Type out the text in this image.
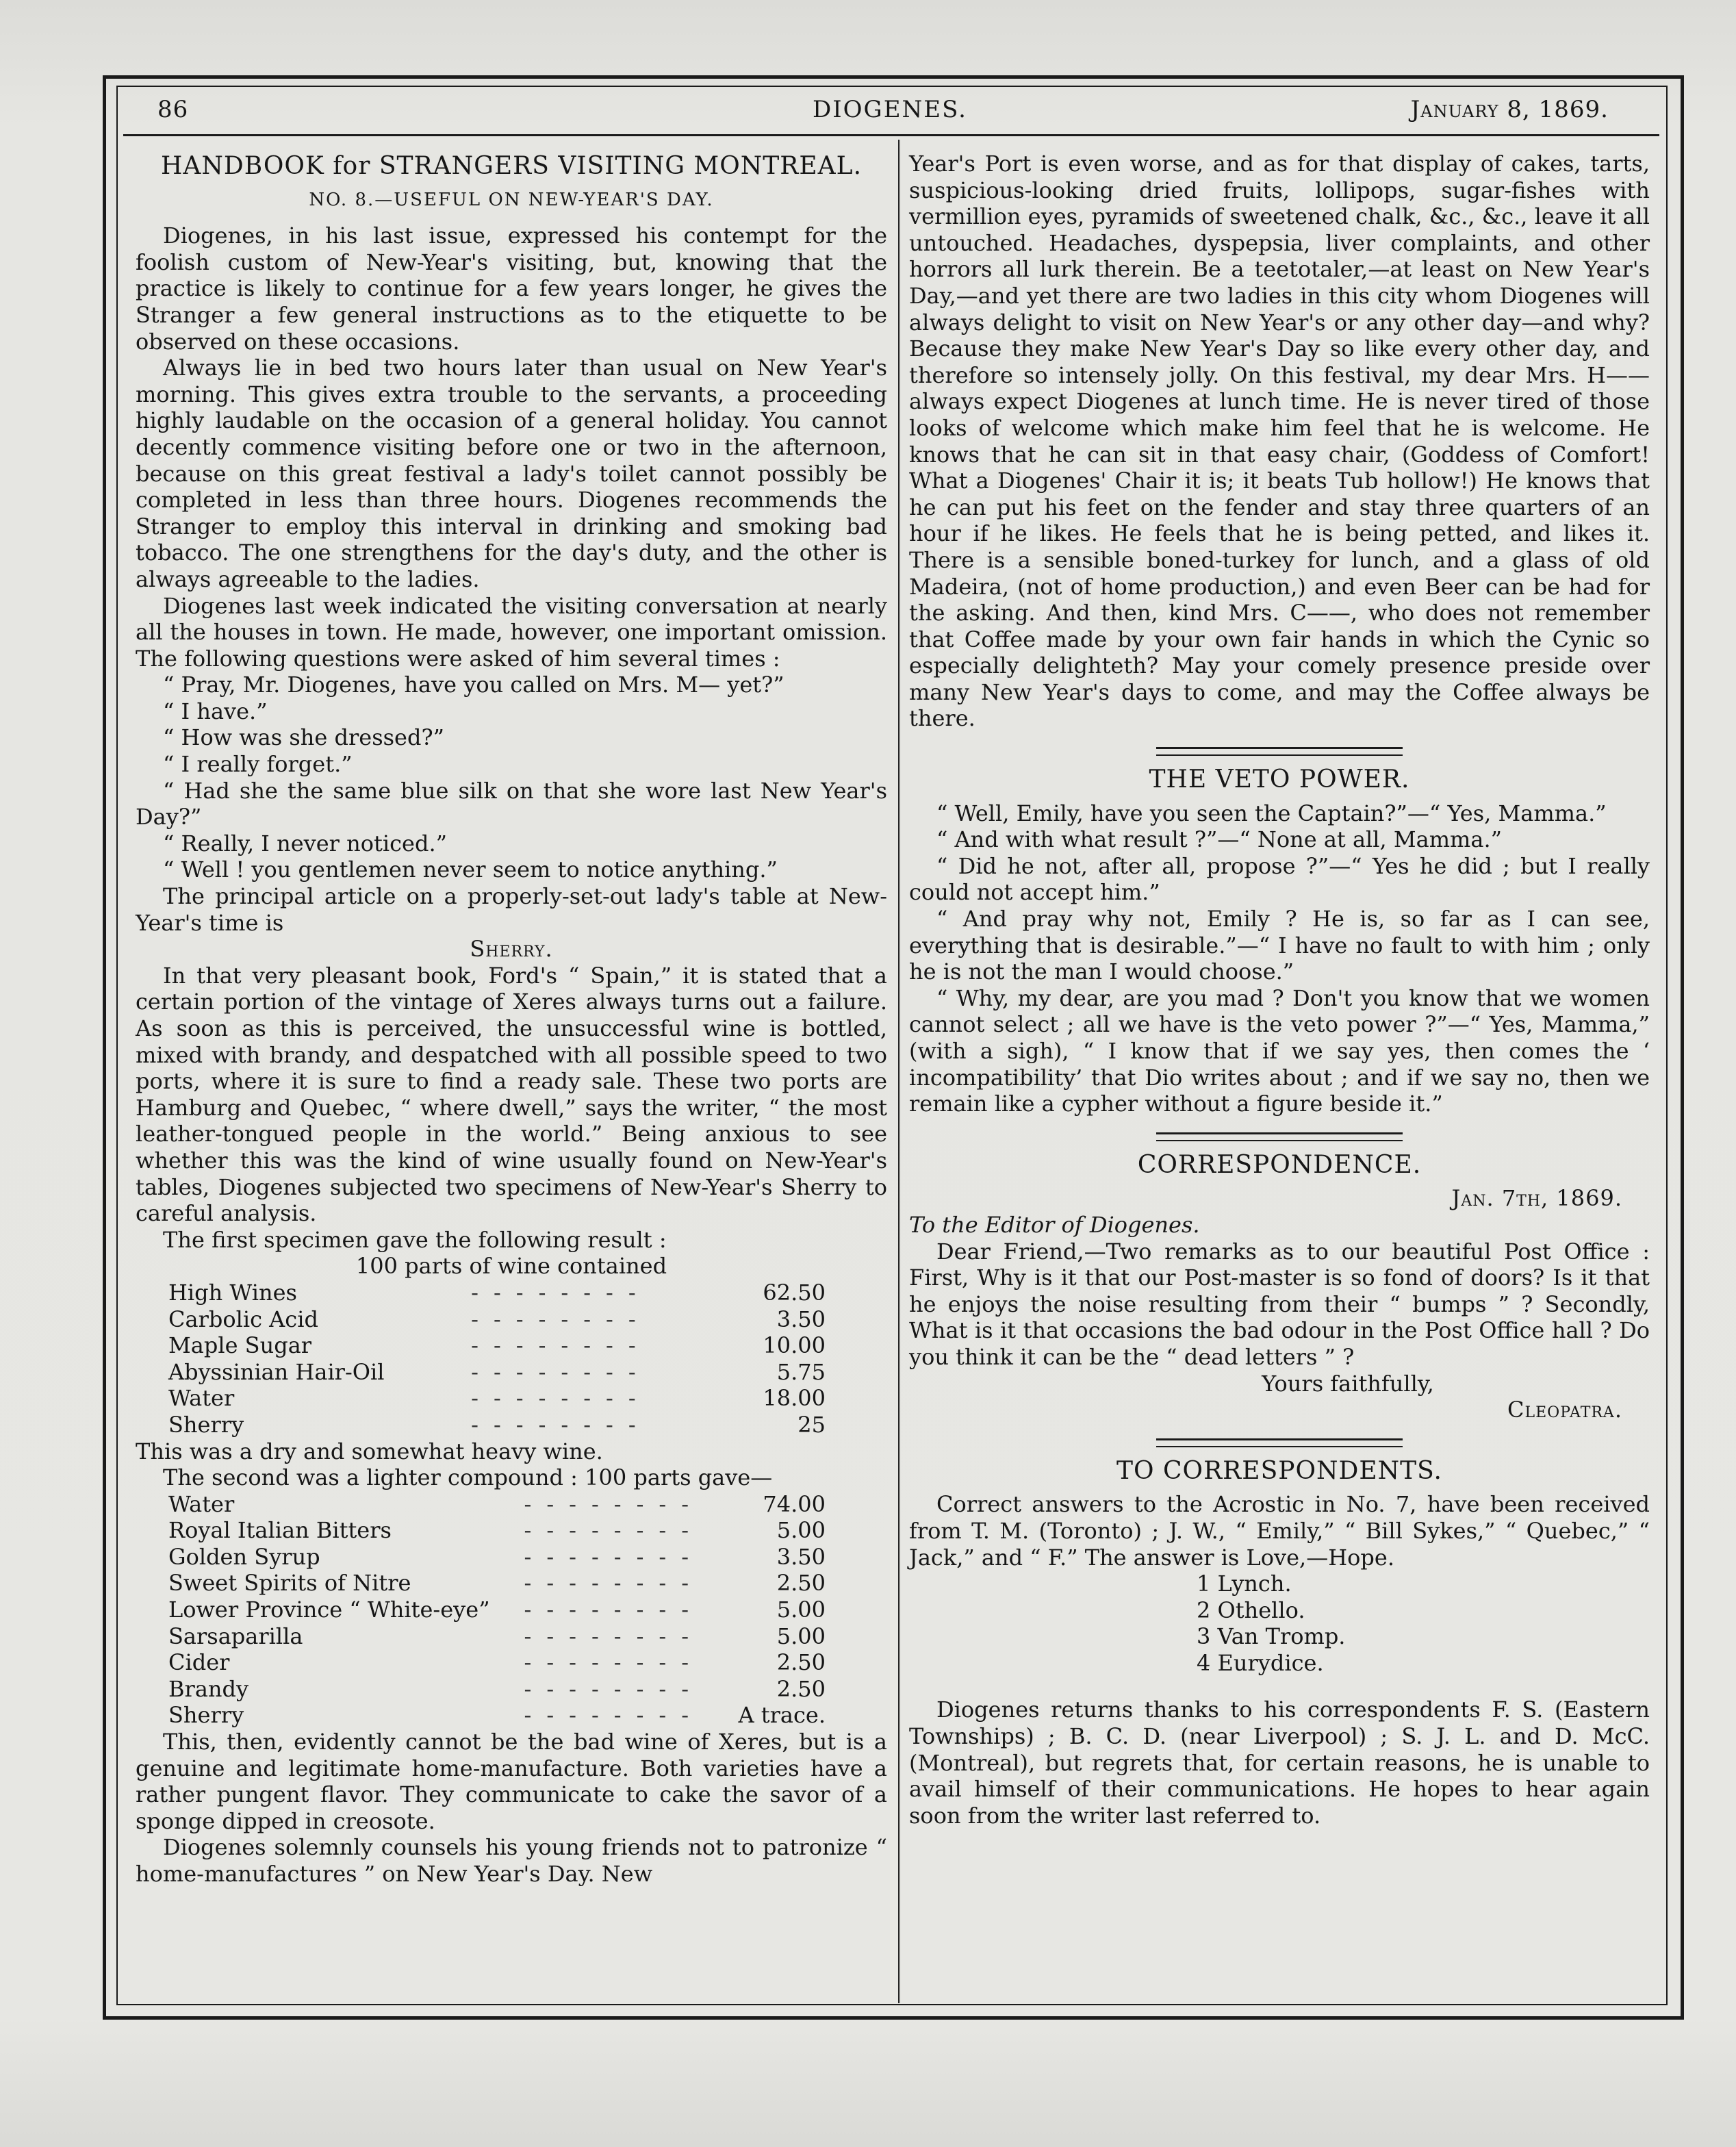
86	DIOGENES.	January 8, 1869.
HANDBOOK for STRANGERS VISITING MONTREAL.
NO. 8.—USEFUL ON NEW-YEAR'S DAY.

Diogenes, in his last issue, expressed his contempt for the foolish custom of New-Year's visiting, but, knowing that the practice is likely to continue for a few years longer, he gives the Stranger a few general instructions as to the etiquette to be observed on these occasions.

Always lie in bed two hours later than usual on New Year's morning. This gives extra trouble to the servants, a proceeding highly laudable on the occasion of a general holiday. You cannot decently commence visiting before one or two in the afternoon, because on this great festival a lady's toilet cannot possibly be completed in less than three hours. Diogenes recommends the Stranger to employ this interval in drinking and smoking bad tobacco. The one strengthens for the day's duty, and the other is always agreeable to the ladies.

Diogenes last week indicated the visiting conversation at nearly all the houses in town. He made, however, one important omission. The following questions were asked of him several times :

“ Pray, Mr. Diogenes, have you called on Mrs. M— yet?”

“ I have.”

“ How was she dressed?”

“ I really forget.”

“ Had she the same blue silk on that she wore last New Year's Day?”

“ Really, I never noticed.”

“ Well ! you gentlemen never seem to notice anything.”

The principal article on a properly-set-out lady's table at New-Year's time is

Sherry.

In that very pleasant book, Ford's “ Spain,” it is stated that a certain portion of the vintage of Xeres always turns out a failure. As soon as this is perceived, the unsuccessful wine is bottled, mixed with brandy, and despatched with all possible speed to two ports, where it is sure to find a ready sale. These two ports are Hamburg and Quebec, “ where dwell,” says the writer, “ the most leather-tongued people in the world.” Being anxious to see whether this was the kind of wine usually found on New-Year's tables, Diogenes subjected two specimens of New-Year's Sherry to careful analysis.

The first specimen gave the following result :

100 parts of wine contained
High Wines	--------	62.50
Carbolic Acid	--------	3.50
Maple Sugar	--------	10.00
Abyssinian Hair-Oil	--------	5.75
Water	--------	18.00
Sherry	--------	25

This was a dry and somewhat heavy wine.

The second was a lighter compound : 100 parts gave—

Water	--------	74.00
Royal Italian Bitters	--------	5.00
Golden Syrup	--------	3.50
Sweet Spirits of Nitre	--------	2.50
Lower Province “ White-eye”	--------	5.00
Sarsaparilla	--------	5.00
Cider	--------	2.50
Brandy	--------	2.50
Sherry	--------	A trace.

This, then, evidently cannot be the bad wine of Xeres, but is a genuine and legitimate home-manufacture. Both varieties have a rather pungent flavor. They communicate to cake the savor of a sponge dipped in creosote.

Diogenes solemnly counsels his young friends not to patronize “ home-manufactures ” on New Year's Day. New

Year's Port is even worse, and as for that display of cakes, tarts, suspicious-looking dried fruits, lollipops, sugar-fishes with vermillion eyes, pyramids of sweetened chalk, &c., &c., leave it all untouched. Headaches, dyspepsia, liver complaints, and other horrors all lurk therein. Be a teetotaler,—at least on New Year's Day,—and yet there are two ladies in this city whom Diogenes will always delight to visit on New Year's or any other day—and why? Because they make New Year's Day so like every other day, and therefore so intensely jolly. On this festival, my dear Mrs. H—— always expect Diogenes at lunch time. He is never tired of those looks of welcome which make him feel that he is welcome. He knows that he can sit in that easy chair, (Goddess of Comfort! What a Diogenes' Chair it is; it beats Tub hollow!) He knows that he can put his feet on the fender and stay three quarters of an hour if he likes. He feels that he is being petted, and likes it. There is a sensible boned-turkey for lunch, and a glass of old Madeira, (not of home production,) and even Beer can be had for the asking. And then, kind Mrs. C——, who does not remember that Coffee made by your own fair hands in which the Cynic so especially delighteth? May your comely presence preside over many New Year's days to come, and may the Coffee always be there.

THE VETO POWER.

“ Well, Emily, have you seen the Captain?”—“ Yes, Mamma.”

“ And with what result ?”—“ None at all, Mamma.”

“ Did he not, after all, propose ?”—“ Yes he did ; but I really could not accept him.”

“ And pray why not, Emily ? He is, so far as I can see, everything that is desirable.”—“ I have no fault to with him ; only he is not the man I would choose.”

“ Why, my dear, are you mad ? Don't you know that we women cannot select ; all we have is the veto power ?”—“ Yes, Mamma,” (with a sigh), “ I know that if we say yes, then comes the ‘ incompatibility’ that Dio writes about ; and if we say no, then we remain like a cypher without a figure beside it.”

CORRESPONDENCE.
Jan. 7th, 1869.

To the Editor of Diogenes.

Dear Friend,—Two remarks as to our beautiful Post Office : First, Why is it that our Post-master is so fond of doors? Is it that he enjoys the noise resulting from their “ bumps ” ? Secondly, What is it that occasions the bad odour in the Post Office hall ? Do you think it can be the “ dead letters ” ?

Yours faithfully,
Cleopatra.
TO CORRESPONDENTS.

Correct answers to the Acrostic in No. 7, have been received from T. M. (Toronto) ; J. W., “ Emily,” “ Bill Sykes,” “ Quebec,” “ Jack,” and “ F.” The answer is Love,—Hope.

1 Lynch.
2 Othello.
3 Van Tromp.
4 Eurydice.

Diogenes returns thanks to his correspondents F. S. (Eastern Townships) ; B. C. D. (near Liverpool) ; S. J. L. and D. McC. (Montreal), but regrets that, for certain reasons, he is unable to avail himself of their communications. He hopes to hear again soon from the writer last referred to.
